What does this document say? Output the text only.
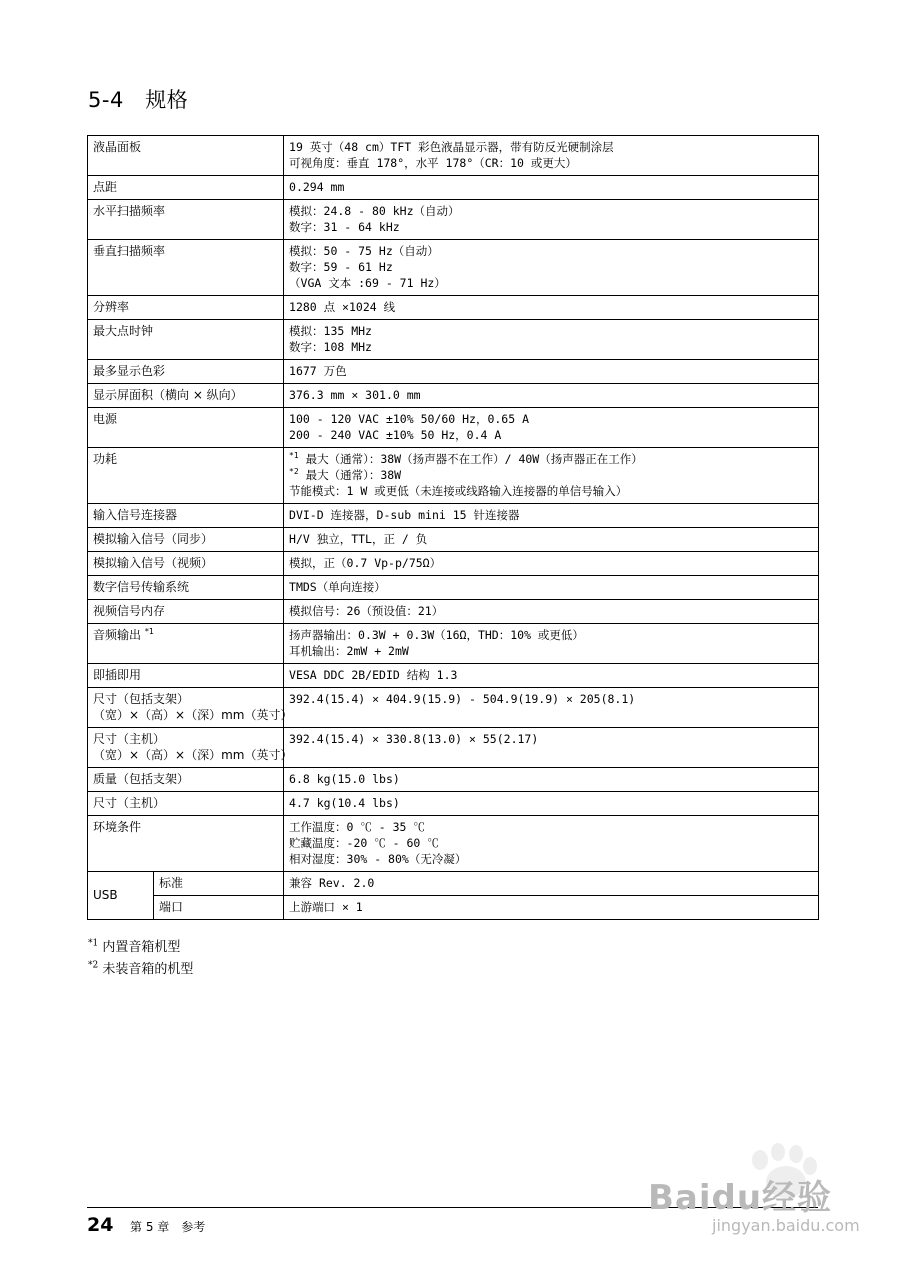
5-4　规格
液晶面板		19 英寸（48 cm）TFT 彩色液晶显示器，带有防反光硬制涂层
可视角度：垂直 178°，水平 178°（CR：10 或更大）

点距		0.294 mm

水平扫描频率		模拟：24.8 - 80 kHz（自动）
数字：31 - 64 kHz

垂直扫描频率		模拟：50 - 75 Hz（自动）
数字：59 - 61 Hz
（VGA 文本 :69 - 71 Hz）

分辨率		1280 点 ×1024 线

最大点时钟		模拟：135 MHz
数字：108 MHz

最多显示色彩		1677 万色

显示屏面积（横向 × 纵向）		376.3 mm × 301.0 mm

电源		100 - 120 VAC ±10% 50/60 Hz，0.65 A
200 - 240 VAC ±10% 50 Hz，0.4 A

功耗		$^{*1}$ 最大（通常）：38W（扬声器不在工作）/ 40W（扬声器正在工作）
$^{*2}$ 最大（通常）：38W
节能模式：1 W 或更低（未连接或线路输入连接器的单信号输入）

输入信号连接器		DVI-D 连接器，D-sub mini 15 针连接器

模拟输入信号（同步）		H/V 独立，TTL，正 / 负

模拟输入信号（视频）		模拟，正（0.7 Vp-p/75Ω）

数字信号传输系统		TMDS（单向连接）

视频信号内存		模拟信号：26（预设值：21）

音频输出 $^{*1}$		扬声器输出：0.3W + 0.3W（16Ω，THD：10% 或更低）
耳机输出：2mW + 2mW

即插即用		VESA DDC 2B/EDID 结构 1.3

尺寸（包括支架）
（宽）×（高）×（深）mm（英寸）		392.4(15.4) × 404.9(15.9) - 504.9(19.9) × 205(8.1)

尺寸（主机）
（宽）×（高）×（深）mm（英寸）		392.4(15.4) × 330.8(13.0) × 55(2.17)

质量（包括支架）		6.8 kg(15.0 lbs)

尺寸（主机）		4.7 kg(10.4 lbs)

环境条件		工作温度：0 ℃ - 35 ℃
贮藏温度：-20 ℃ - 60 ℃
相对湿度：30% - 80%（无冷凝）

USB	标准	兼容 Rev. 2.0
	端口	上游端口 × 1
$^{*1}$ 内置音箱机型
$^{*2}$ 未装音箱的机型
24 第 5 章　参考
Baidu经验
jingyan.baidu.com
